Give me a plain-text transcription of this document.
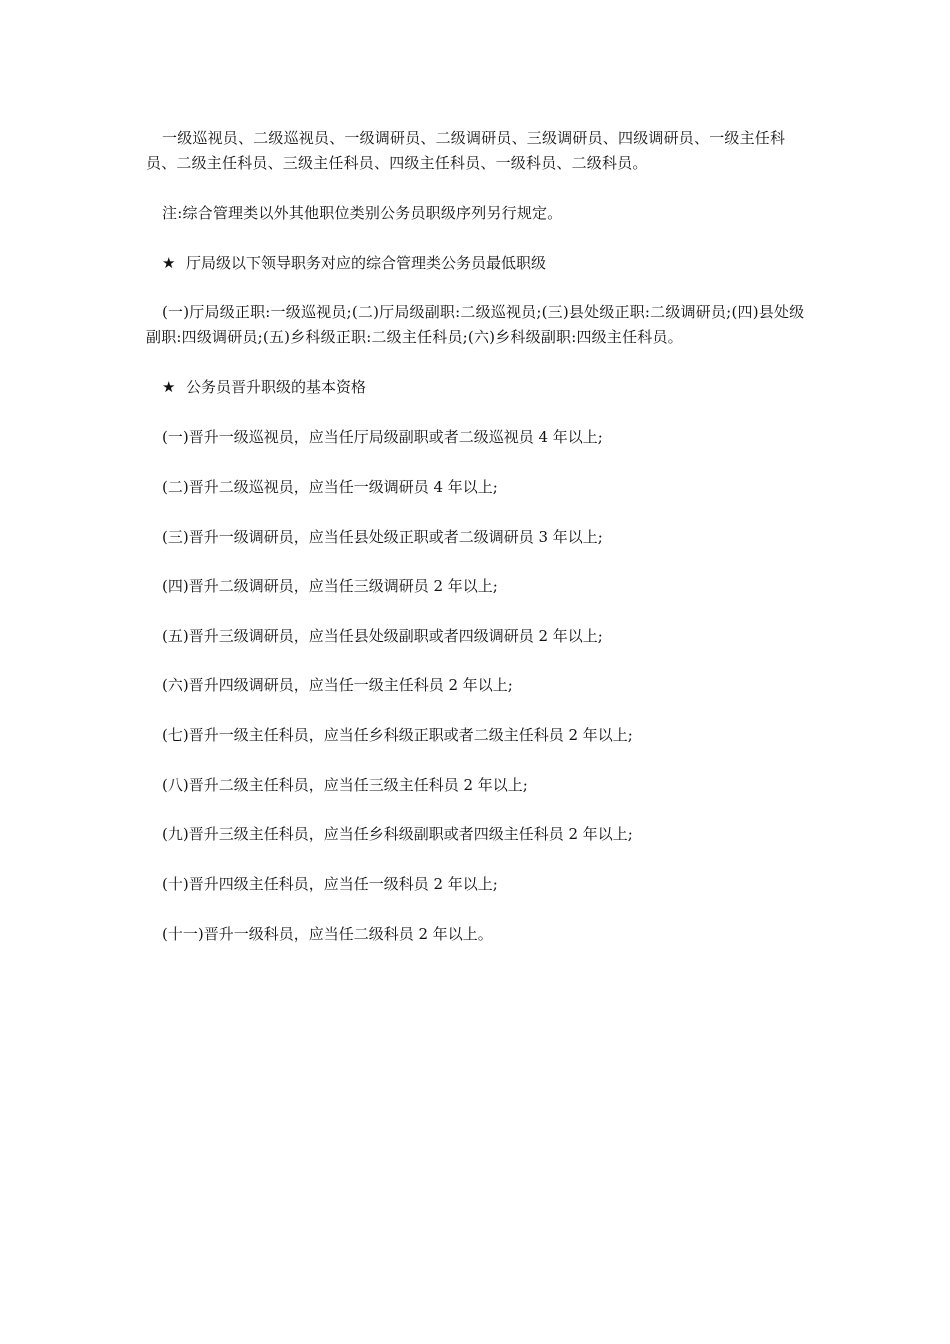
一级巡视员、二级巡视员、一级调研员、二级调研员、三级调研员、四级调研员、一级主任科员、二级主任科员、三级主任科员、四级主任科员、一级科员、二级科员。
注:综合管理类以外其他职位类别公务员职级序列另行规定。
★ 厅局级以下领导职务对应的综合管理类公务员最低职级
(一)厅局级正职:一级巡视员;(二)厅局级副职:二级巡视员;(三)县处级正职:二级调研员;(四)县处级副职:四级调研员;(五)乡科级正职:二级主任科员;(六)乡科级副职:四级主任科员。
★ 公务员晋升职级的基本资格
(一)晋升一级巡视员，应当任厅局级副职或者二级巡视员 4 年以上;
(二)晋升二级巡视员，应当任一级调研员 4 年以上;
(三)晋升一级调研员，应当任县处级正职或者二级调研员 3 年以上;
(四)晋升二级调研员，应当任三级调研员 2 年以上;
(五)晋升三级调研员，应当任县处级副职或者四级调研员 2 年以上;
(六)晋升四级调研员，应当任一级主任科员 2 年以上;
(七)晋升一级主任科员，应当任乡科级正职或者二级主任科员 2 年以上;
(八)晋升二级主任科员，应当任三级主任科员 2 年以上;
(九)晋升三级主任科员，应当任乡科级副职或者四级主任科员 2 年以上;
(十)晋升四级主任科员，应当任一级科员 2 年以上;
(十一)晋升一级科员，应当任二级科员 2 年以上。
